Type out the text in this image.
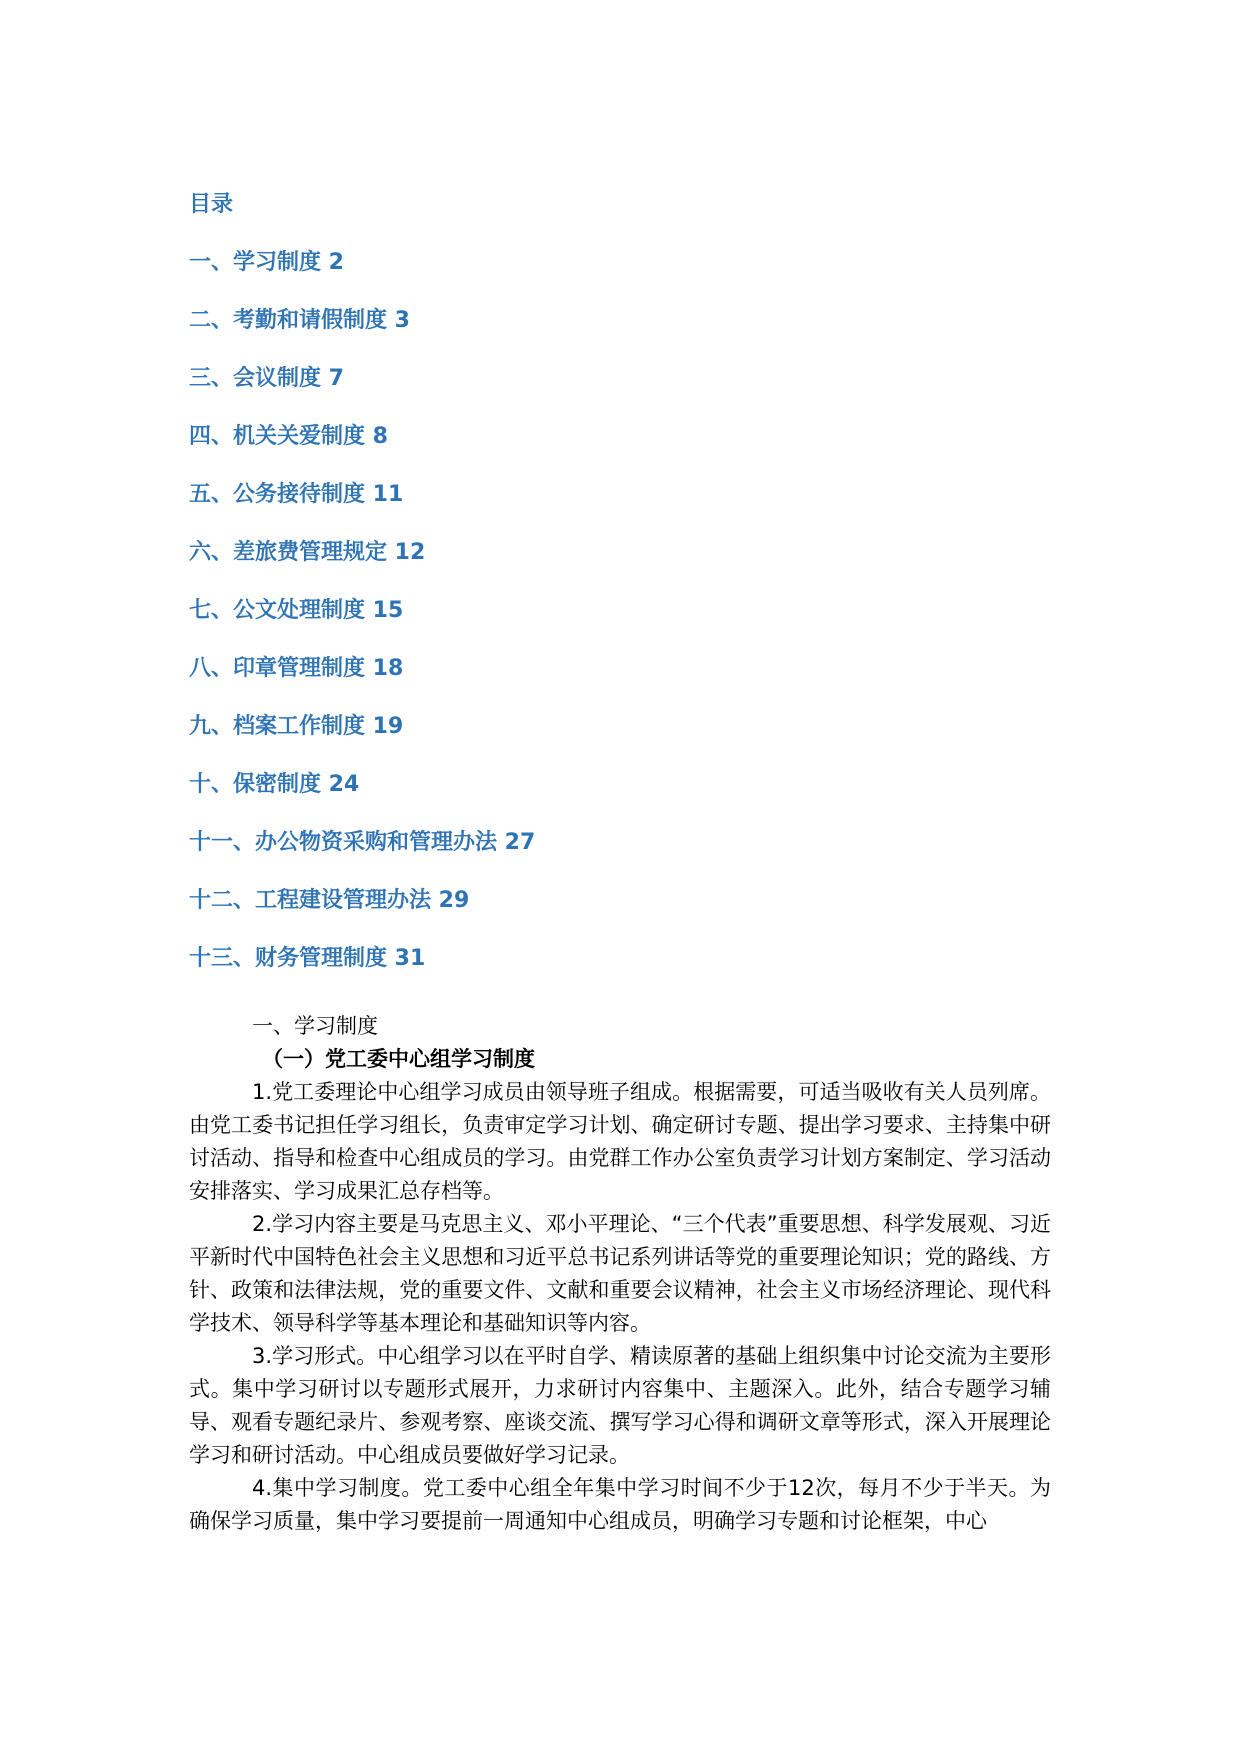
目录
一、学习制度 2
二、考勤和请假制度 3
三、会议制度 7
四、机关关爱制度 8
五、公务接待制度 11
六、差旅费管理规定 12
七、公文处理制度 15
八、印章管理制度 18
九、档案工作制度 19
十、保密制度 24
十一、办公物资采购和管理办法 27
十二、工程建设管理办法 29
十三、财务管理制度 31
一、学习制度
（一）党工委中心组学习制度

1.党工委理论中心组学习成员由领导班子组成。根据需要，可适当吸收有关人员列席。由党工委书记担任学习组长，负责审定学习计划、确定研讨专题、提出学习要求、主持集中研讨活动、指导和检查中心组成员的学习。由党群工作办公室负责学习计划方案制定、学习活动安排落实、学习成果汇总存档等。

2.学习内容主要是马克思主义、邓小平理论、“三个代表”重要思想、科学发展观、习近平新时代中国特色社会主义思想和习近平总书记系列讲话等党的重要理论知识；党的路线、方针、政策和法律法规，党的重要文件、文献和重要会议精神，社会主义市场经济理论、现代科学技术、领导科学等基本理论和基础知识等内容。

3.学习形式。中心组学习以在平时自学、精读原著的基础上组织集中讨论交流为主要形式。集中学习研讨以专题形式展开，力求研讨内容集中、主题深入。此外，结合专题学习辅导、观看专题纪录片、参观考察、座谈交流、撰写学习心得和调研文章等形式，深入开展理论学习和研讨活动。中心组成员要做好学习记录。

4.集中学习制度。党工委中心组全年集中学习时间不少于12次，每月不少于半天。为确保学习质量，集中学习要提前一周通知中心组成员，明确学习专题和讨论框架，中心
